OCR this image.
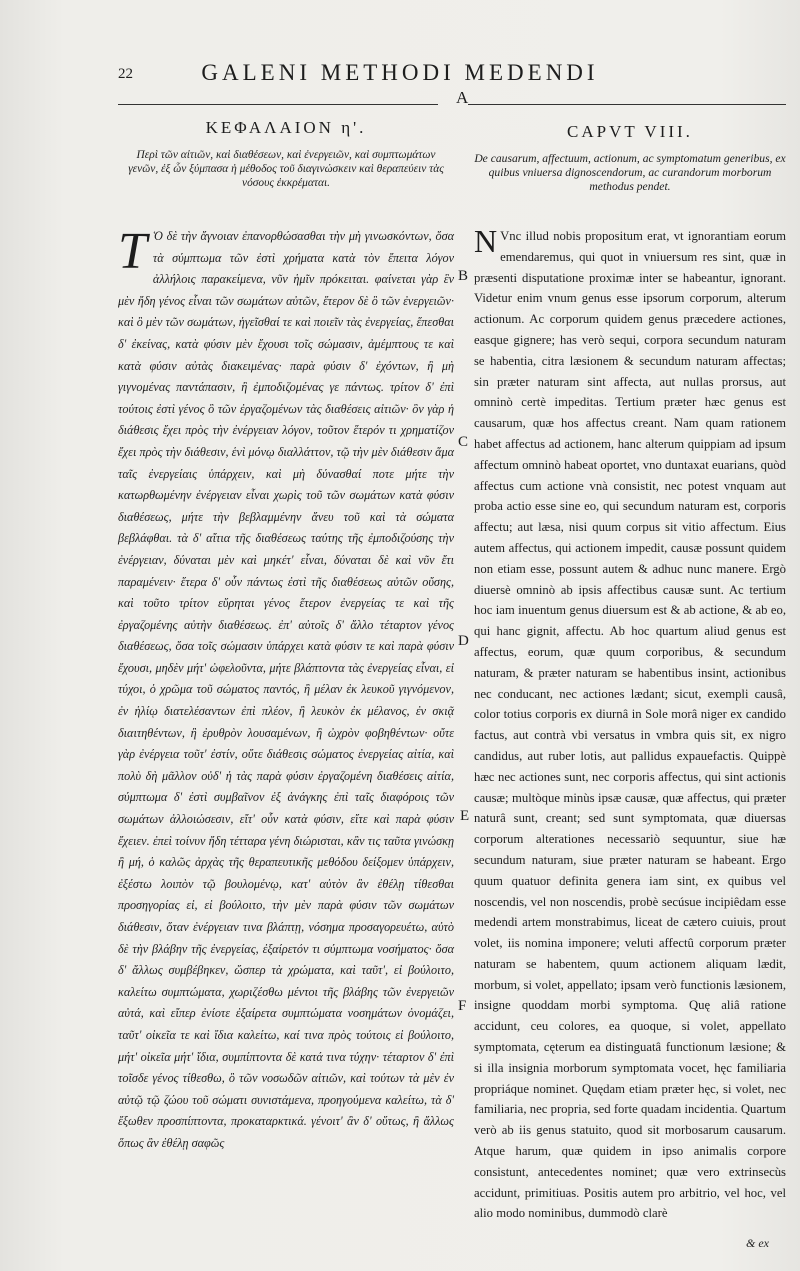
22	GALENI METHODI MEDENDI
A
ΚΕΦΑΛΑΙΟΝ η'.
Περὶ τῶν αἰτιῶν, καὶ διαθέσεων, καὶ ἐνεργειῶν, καὶ συμπτωμάτων γενῶν, ἐξ ὧν ξύμπασα ἡ μέθοδος τοῦ διαγινώσκειν καὶ θεραπεύειν τὰς νόσους ἐκκρέμαται.

Τ Ὁ δὲ τὴν ἄγνοιαν ἐπανορθώσασθαι τὴν μὴ γινωσκόντων, ὅσα τὰ σύμπτωμα τῶν ἐστὶ χρήματα κατὰ τὸν ἔπειτα λόγον ἀλλήλοις παρακείμενα, νῦν ἡμῖν πρόκειται. φαίνεται γὰρ ἓν μὲν ἤδη γένος εἶναι τῶν σωμάτων αὐτῶν, ἕτερον δὲ ὃ τῶν ἐνεργειῶν· καὶ ὃ μὲν τῶν σωμάτων, ἡγεῖσθαί τε καὶ ποιεῖν τὰς ἐνεργείας, ἕπεσθαι δ' ἐκείνας, κατὰ φύσιν μὲν ἔχουσι τοῖς σώμασιν, ἀμέμπτους τε καὶ κατὰ φύσιν αὐτὰς διακειμένας· παρὰ φύσιν δ' ἐχόντων, ἢ μὴ γιγνομένας παντάπασιν, ἢ ἐμποδιζομένας γε πάντως. τρίτον δ' ἐπὶ τούτοις ἐστὶ γένος ὃ τῶν ἐργαζομένων τὰς διαθέσεις αἰτιῶν· ὃν γὰρ ἡ διάθεσις ἔχει πρὸς τὴν ἐνέργειαν λόγον, τοῦτον ἕτερόν τι χρηματίζον ἔχει πρὸς τὴν διάθεσιν, ἑνὶ μόνῳ διαλλάττον, τῷ τὴν μὲν διάθεσιν ἅμα ταῖς ἐνεργείαις ὑπάρχειν, καὶ μὴ δύνασθαί ποτε μήτε τὴν κατωρθωμένην ἐνέργειαν εἶναι χωρὶς τοῦ τῶν σωμάτων κατὰ φύσιν διαθέσεως, μήτε τὴν βεβλαμμένην ἄνευ τοῦ καὶ τὰ σώματα βεβλάφθαι. τὰ δ' αἴτια τῆς διαθέσεως ταύτης τῆς ἐμποδιζούσης τὴν ἐνέργειαν, δύναται μὲν καὶ μηκέτ' εἶναι, δύναται δὲ καὶ νῦν ἔτι παραμένειν· ἕτερα δ' οὖν πάντως ἐστὶ τῆς διαθέσεως αὐτῶν οὔσης, καὶ τοῦτο τρίτον εὕρηται γένος ἕτερον ἐνεργείας τε καὶ τῆς ἐργαζομένης αὐτὴν διαθέσεως. ἐπ' αὐτοῖς δ' ἄλλο τέταρτον γένος διαθέσεως, ὅσα τοῖς σώμασιν ὑπάρχει κατὰ φύσιν τε καὶ παρὰ φύσιν ἔχουσι, μηδὲν μήτ' ὠφελοῦντα, μήτε βλάπτοντα τὰς ἐνεργείας εἶναι, εἰ τύχοι, ὁ χρῶμα τοῦ σώματος παντός, ἢ μέλαν ἐκ λευκοῦ γιγνόμενον, ἐν ἡλίῳ διατελέσαντων ἐπὶ πλέον, ἢ λευκὸν ἐκ μέλανος, ἐν σκιᾷ διαιτηθέντων, ἢ ἐρυθρὸν λουσαμένων, ἢ ὠχρὸν φοβηθέντων· οὔτε γὰρ ἐνέργεια τοῦτ' ἐστίν, οὔτε διάθεσις σώματος ἐνεργείας αἰτία, καὶ πολὺ δὴ μᾶλλον οὐδ' ἡ τὰς παρὰ φύσιν ἐργαζομένη διαθέσεις αἰτία, σύμπτωμα δ' ἐστὶ συμβαῖνον ἐξ ἀνάγκης ἐπὶ ταῖς διαφόροις τῶν σωμάτων ἀλλοιώσεσιν, εἴτ' οὖν κατὰ φύσιν, εἴτε καὶ παρὰ φύσιν ἔχειεν. ἐπεὶ τοίνυν ἤδη τέτταρα γένη διώρισται, κἂν τις ταῦτα γινώσκῃ ἢ μή, ὁ καλῶς ἀρχὰς τῆς θεραπευτικῆς μεθόδου δείξομεν ὑπάρχειν, ἐξέστω λοιπὸν τῷ βουλομένῳ, κατ' αὐτὸν ἂν ἐθέλῃ τίθεσθαι προσηγορίας εἰ, εἰ βούλοιτο, τὴν μὲν παρὰ φύσιν τῶν σωμάτων διάθεσιν, ὅταν ἐνέργειαν τινα βλάπτῃ, νόσημα προσαγορευέτω, αὐτὸ δὲ τὴν βλάβην τῆς ἐνεργείας, ἐξαίρετόν τι σύμπτωμα νοσήματος· ὅσα δ' ἄλλως συμβέβηκεν, ὥσπερ τὰ χρώματα, καὶ ταῦτ', εἰ βούλοιτο, καλείτω συμπτώματα, χωριζέσθω μέντοι τῆς βλάβης τῶν ἐνεργειῶν αὐτά, καὶ εἴπερ ἐνίοτε ἐξαίρετα συμπτώματα νοσημάτων ὀνομάζει, ταῦτ' οἰκεῖα τε καὶ ἴδια καλείτω, καί τινα πρὸς τούτοις εἰ βούλοιτο, μήτ' οἰκεῖα μήτ' ἴδια, συμπίπτοντα δὲ κατά τινα τύχην· τέταρτον δ' ἐπὶ τοῖσδε γένος τίθεσθω, ὃ τῶν νοσωδῶν αἰτιῶν, καὶ τούτων τὰ μὲν ἐν αὐτῷ τῷ ζώου τοῦ σώματι συνιστάμενα, προηγούμενα καλείτω, τὰ δ' ἔξωθεν προσπίπτοντα, προκαταρκτικά. γένοιτ' ἂν δ' οὕτως, ἢ ἄλλως ὅπως ἂν ἐθέλῃ σαφῶς

CAPVT VIII.
De causarum, affectuum, actionum, ac symptomatum generibus, ex quibus vniuersa dignoscendorum, ac curandorum morborum methodus pendet.

N Vnc illud nobis propositum erat, vt ignorantiam eorum emendaremus, qui quot in vniuersum res sint, quæ in præsenti disputatione proximæ inter se habeantur, ignorant. Videtur enim vnum genus esse ipsorum corporum, alterum actionum. Ac corporum quidem genus præcedere actiones, easque gignere; has verò sequi, corpora secundum naturam se habentia, citra læsionem & secundum naturam affectas; sin præter naturam sint affecta, aut nullas prorsus, aut omninò certè impeditas. Tertium præter hæc genus est causarum, quæ hos affectus creant. Nam quam rationem habet affectus ad actionem, hanc alterum quippiam ad ipsum affectum omninò habeat oportet, vno duntaxat euarians, quòd affectus cum actione vnà consistit, nec potest vnquam aut proba actio esse sine eo, qui secundum naturam est, corporis affectu; aut læsa, nisi quum corpus sit vitio affectum. Eius autem affectus, qui actionem impedit, causæ possunt quidem non etiam esse, possunt autem & adhuc nunc manere. Ergò diuersè omninò ab ipsis affectibus causæ sunt. Ac tertium hoc iam inuentum genus diuersum est & ab actione, & ab eo, qui hanc gignit, affectu. Ab hoc quartum aliud genus est affectus, eorum, quæ quum corporibus, & secundum naturam, & præter naturam se habentibus insint, actionibus nec conducant, nec actiones lædant; sicut, exempli causâ, color totius corporis ex diurnâ in Sole morâ niger ex candido factus, aut contrà vbi versatus in vmbra quis sit, ex nigro candidus, aut ruber lotis, aut pallidus expauefactis. Quippè hæc nec actiones sunt, nec corporis affectus, qui sint actionis causæ; multòque minùs ipsæ causæ, quæ affectus, qui præter naturâ sunt, creant; sed sunt symptomata, quæ diuersas corporum alterationes necessariò sequuntur, siue hæ secundum naturam, siue præter naturam se habeant. Ergo quum quatuor definita genera iam sint, ex quibus vel noscendis, vel non noscendis, probè secúsue incipiêdam esse medendi artem monstrabimus, liceat de cætero cuiuis, prout volet, iis nomina imponere; veluti affectû corporum præter naturam se habentem, quum actionem aliquam lædit, morbum, si volet, appellato; ipsam verò functionis læsionem, insigne quoddam morbi symptoma. Quę aliâ ratione accidunt, ceu colores, ea quoque, si volet, appellato symptomata, cęterum ea distinguatâ functionum læsione; & si illa insignia morborum symptomata vocet, hęc familiaria propriáque nominet. Quędam etiam præter hęc, si volet, nec familiaria, nec propria, sed forte quadam incidentia. Quartum verò ab iis genus statuito, quod sit morbosarum causarum. Atque harum, quæ quidem in ipso animalis corpore consistunt, antecedentes nominet; quæ vero extrinsecùs accidunt, primitiuas. Positis autem pro arbitrio, vel hoc, vel alio modo nominibus, dummodò clarè

B
C
D
E
F
& ex
